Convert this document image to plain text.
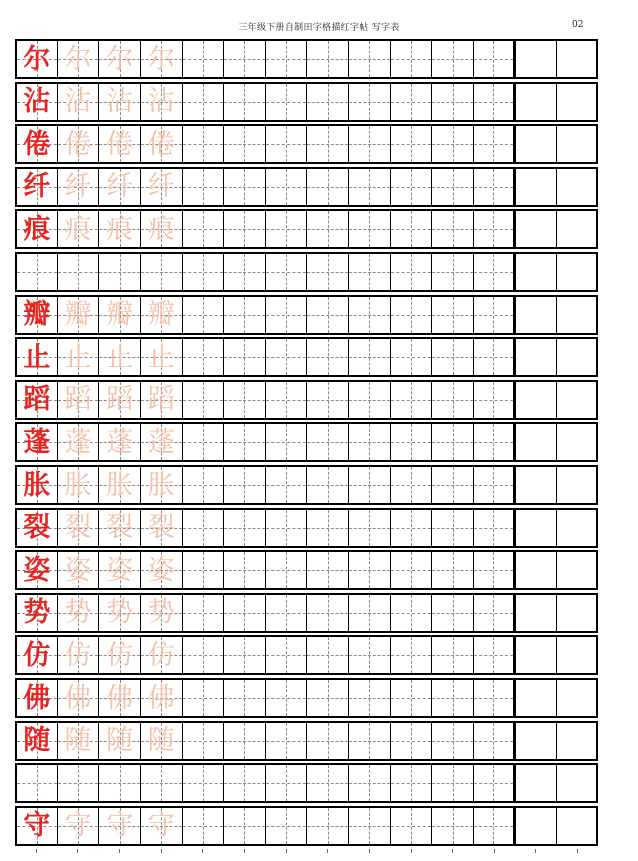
三年级下册自制田字格描红字帖 写字表	02
尔 尔 尔 尔
沾 沾 沾 沾
倦 倦 倦 倦
纤 纤 纤 纤
痕 痕 痕 痕
瓣 瓣 瓣 瓣
止 止 止 止
蹈 蹈 蹈 蹈
蓬 蓬 蓬 蓬
胀 胀 胀 胀
裂 裂 裂 裂
姿 姿 姿 姿
势 势 势 势
仿 仿 仿 仿
佛 佛 佛 佛
随 随 随 随
守 守 守 守
